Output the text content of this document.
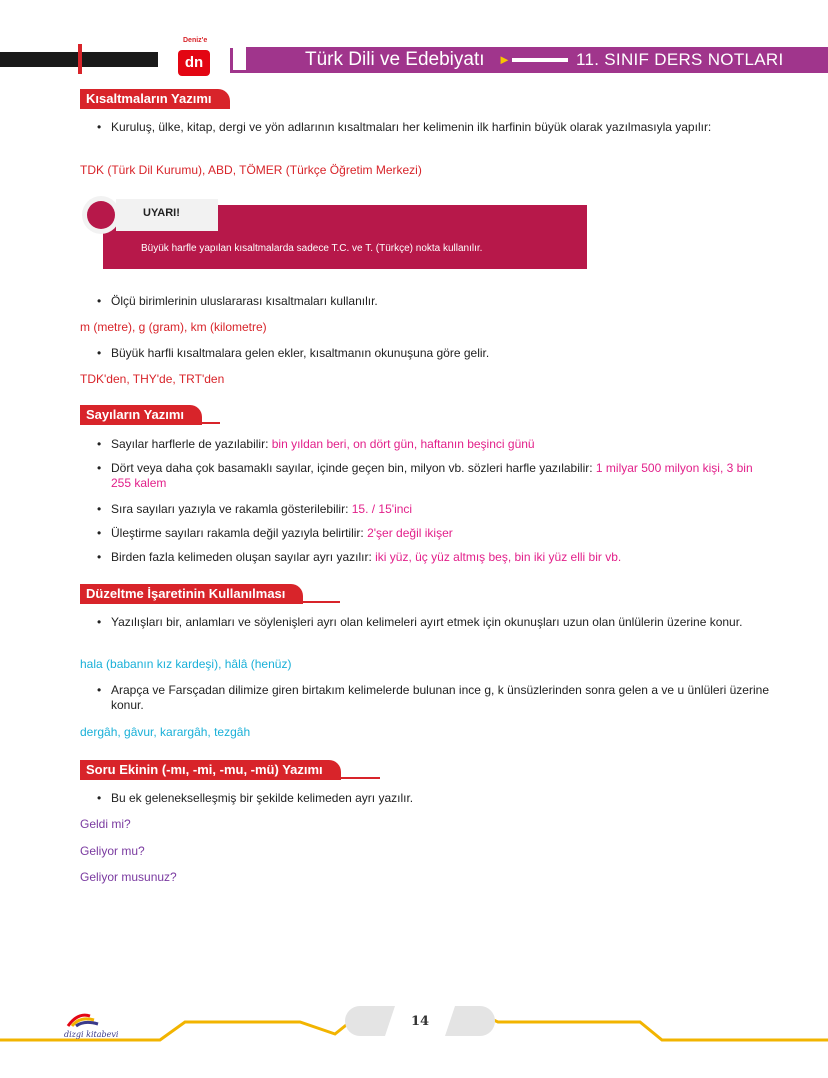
Deniz'e
dn	Türk Dili ve Edebiyatı ►	11. SINIF DERS NOTLARI
Kısaltmaların Yazımı
• Kuruluş, ülke, kitap, dergi ve yön adlarının kısaltmaları her kelimenin ilk harfinin büyük olarak yazılmasıyla yapılır:
TDK (Türk Dil Kurumu), ABD, TÖMER (Türkçe Öğretim Merkezi)
UYARI!
Büyük harfle yapılan kısaltmalarda sadece T.C. ve T. (Türkçe) nokta kullanılır.
• Ölçü birimlerinin uluslararası kısaltmaları kullanılır.
m (metre), g (gram), km (kilometre)
• Büyük harfli kısaltmalara gelen ekler, kısaltmanın okunuşuna göre gelir.
TDK'den, THY'de, TRT'den
Sayıların Yazımı
• Sayılar harflerle de yazılabilir: bin yıldan beri, on dört gün, haftanın beşinci günü
• Dört veya daha çok basamaklı sayılar, içinde geçen bin, milyon vb. sözleri harfle yazılabilir: 1 milyar 500 milyon kişi, 3 bin 255 kalem
• Sıra sayıları yazıyla ve rakamla gösterilebilir: 15. / 15'inci
• Üleştirme sayıları rakamla değil yazıyla belirtilir: 2'şer değil ikişer
• Birden fazla kelimeden oluşan sayılar ayrı yazılır: iki yüz, üç yüz altmış beş, bin iki yüz elli bir vb.
Düzeltme İşaretinin Kullanılması
• Yazılışları bir, anlamları ve söylenişleri ayrı olan kelimeleri ayırt etmek için okunuşları uzun olan ünlülerin üzerine konur.
hala (babanın kız kardeşi), hâlâ (henüz)
• Arapça ve Farsçadan dilimize giren birtakım kelimelerde bulunan ince g, k ünsüzlerinden sonra gelen a ve u ünlüleri üzerine konur.
dergâh, gâvur, karargâh, tezgâh
Soru Ekinin (-mı, -mi, -mu, -mü) Yazımı
• Bu ek gelenekselleşmiş bir şekilde kelimeden ayrı yazılır.
Geldi mi?
Geliyor mu?
Geliyor musunuz?
dizgi kitabevi
14
